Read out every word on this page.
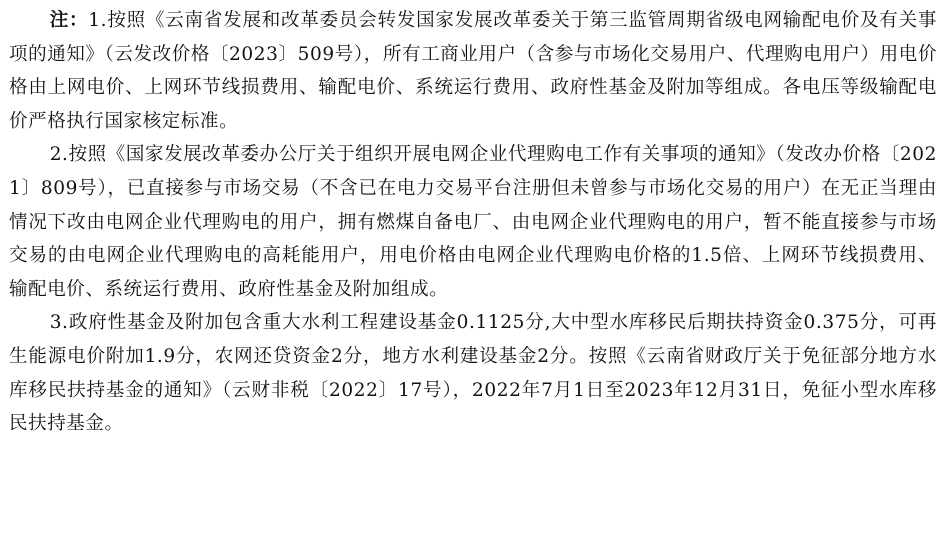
注：1.按照《云南省发展和改革委员会转发国家发展改革委关于第三监管周期省级电网输配电价及有关事项的通知》（云发改价格〔2023〕509号），所有工商业用户（含参与市场化交易用户、代理购电用户）用电价格由上网电价、上网环节线损费用、输配电价、系统运行费用、政府性基金及附加等组成。各电压等级输配电价严格执行国家核定标准。

2.按照《国家发展改革委办公厅关于组织开展电网企业代理购电工作有关事项的通知》（发改办价格〔2021〕809号），已直接参与市场交易（不含已在电力交易平台注册但未曾参与市场化交易的用户）在无正当理由情况下改由电网企业代理购电的用户，拥有燃煤自备电厂、由电网企业代理购电的用户，暂不能直接参与市场交易的由电网企业代理购电的高耗能用户，用电价格由电网企业代理购电价格的1.5倍、上网环节线损费用、输配电价、系统运行费用、政府性基金及附加组成。

3.政府性基金及附加包含重大水利工程建设基金0.1125分,大中型水库移民后期扶持资金0.375分，可再生能源电价附加1.9分，农网还贷资金2分，地方水利建设基金2分。按照《云南省财政厅关于免征部分地方水库移民扶持基金的通知》（云财非税〔2022〕17号），2022年7月1日至2023年12月31日，免征小型水库移民扶持基金。
